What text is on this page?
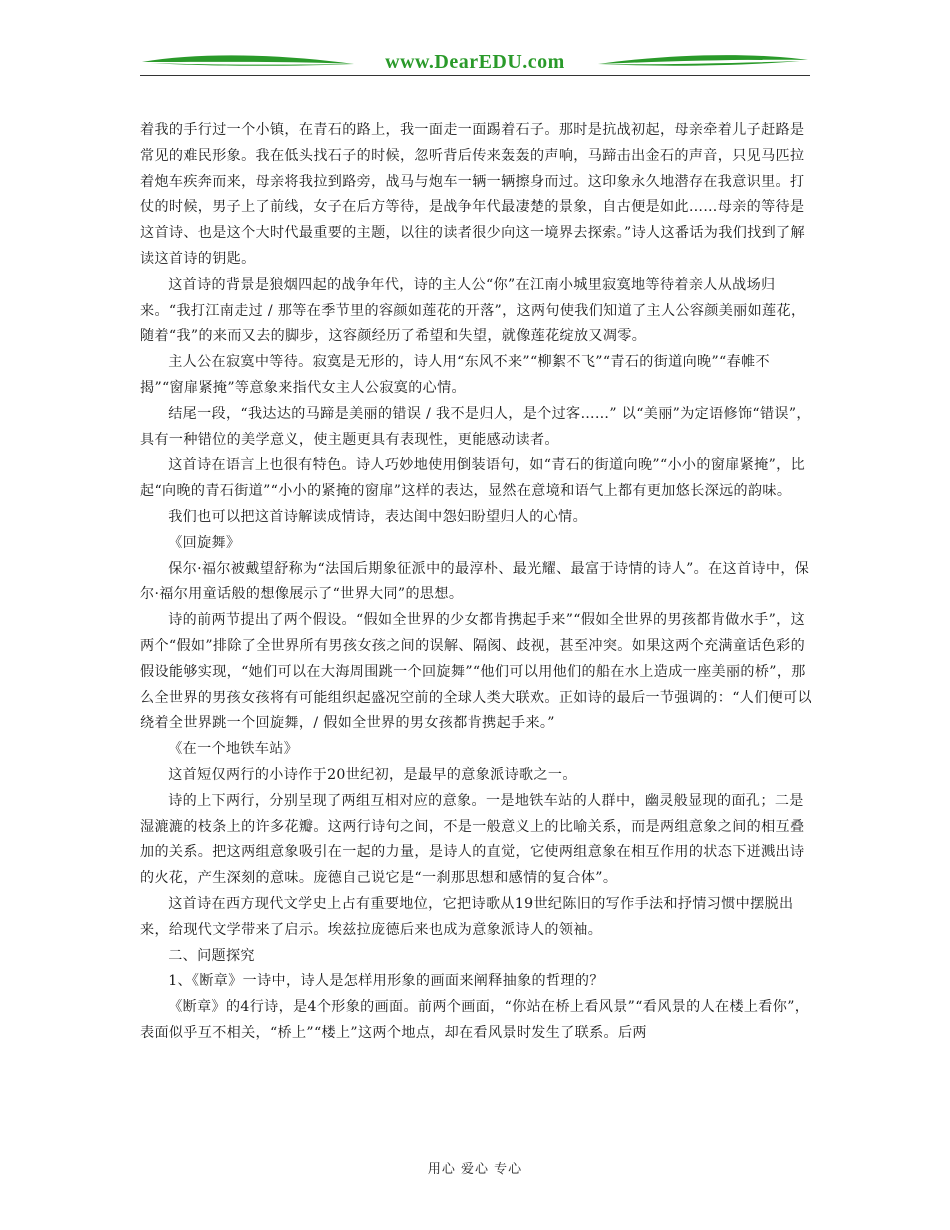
www.DearEDU.com

着我的手行过一个小镇，在青石的路上，我一面走一面踢着石子。那时是抗战初起，母亲牵着儿子赶路是常见的难民形象。我在低头找石子的时候，忽听背后传来轰轰的声响，马蹄击出金石的声音，只见马匹拉着炮车疾奔而来，母亲将我拉到路旁，战马与炮车一辆一辆擦身而过。这印象永久地潜存在我意识里。打仗的时候，男子上了前线，女子在后方等待，是战争年代最凄楚的景象，自古便是如此……母亲的等待是这首诗、也是这个大时代最重要的主题，以往的读者很少向这一境界去探索。”诗人这番话为我们找到了解读这首诗的钥匙。

这首诗的背景是狼烟四起的战争年代，诗的主人公“你”在江南小城里寂寞地等待着亲人从战场归来。“我打江南走过 / 那等在季节里的容颜如莲花的开落”，这两句使我们知道了主人公容颜美丽如莲花，随着“我”的来而又去的脚步，这容颜经历了希望和失望，就像莲花绽放又凋零。

主人公在寂寞中等待。寂寞是无形的，诗人用“东风不来”“柳絮不飞”“青石的街道向晚”“春帷不揭”“窗扉紧掩”等意象来指代女主人公寂寞的心情。

结尾一段，“我达达的马蹄是美丽的错误 / 我不是归人，是个过客……” 以“美丽”为定语修饰“错误”，具有一种错位的美学意义，使主题更具有表现性，更能感动读者。

这首诗在语言上也很有特色。诗人巧妙地使用倒装语句，如“青石的街道向晚”“小小的窗扉紧掩”，比起“向晚的青石街道”“小小的紧掩的窗扉”这样的表达，显然在意境和语气上都有更加悠长深远的韵味。

我们也可以把这首诗解读成情诗，表达闺中怨妇盼望归人的心情。

《回旋舞》

保尔·福尔被戴望舒称为“法国后期象征派中的最淳朴、最光耀、最富于诗情的诗人”。在这首诗中，保尔·福尔用童话般的想像展示了“世界大同”的思想。

诗的前两节提出了两个假设。“假如全世界的少女都肯携起手来”“假如全世界的男孩都肯做水手”，这两个“假如”排除了全世界所有男孩女孩之间的误解、隔阂、歧视，甚至冲突。如果这两个充满童话色彩的假设能够实现，“她们可以在大海周围跳一个回旋舞”“他们可以用他们的船在水上造成一座美丽的桥”，那么全世界的男孩女孩将有可能组织起盛况空前的全球人类大联欢。正如诗的最后一节强调的：“人们便可以绕着全世界跳一个回旋舞，/ 假如全世界的男女孩都肯携起手来。”

《在一个地铁车站》

这首短仅两行的小诗作于20世纪初，是最早的意象派诗歌之一。

诗的上下两行，分别呈现了两组互相对应的意象。一是地铁车站的人群中，幽灵般显现的面孔；二是湿漉漉的枝条上的许多花瓣。这两行诗句之间，不是一般意义上的比喻关系，而是两组意象之间的相互叠加的关系。把这两组意象吸引在一起的力量，是诗人的直觉，它使两组意象在相互作用的状态下迸溅出诗的火花，产生深刻的意味。庞德自己说它是“一刹那思想和感情的复合体”。

这首诗在西方现代文学史上占有重要地位，它把诗歌从19世纪陈旧的写作手法和抒情习惯中摆脱出来，给现代文学带来了启示。埃兹拉庞德后来也成为意象派诗人的领袖。

二、问题探究

1、《断章》一诗中，诗人是怎样用形象的画面来阐释抽象的哲理的？

《断章》的4行诗，是4个形象的画面。前两个画面，“你站在桥上看风景”“看风景的人在楼上看你”，表面似乎互不相关，“桥上”“楼上”这两个地点，却在看风景时发生了联系。后两

用心 爱心 专心
